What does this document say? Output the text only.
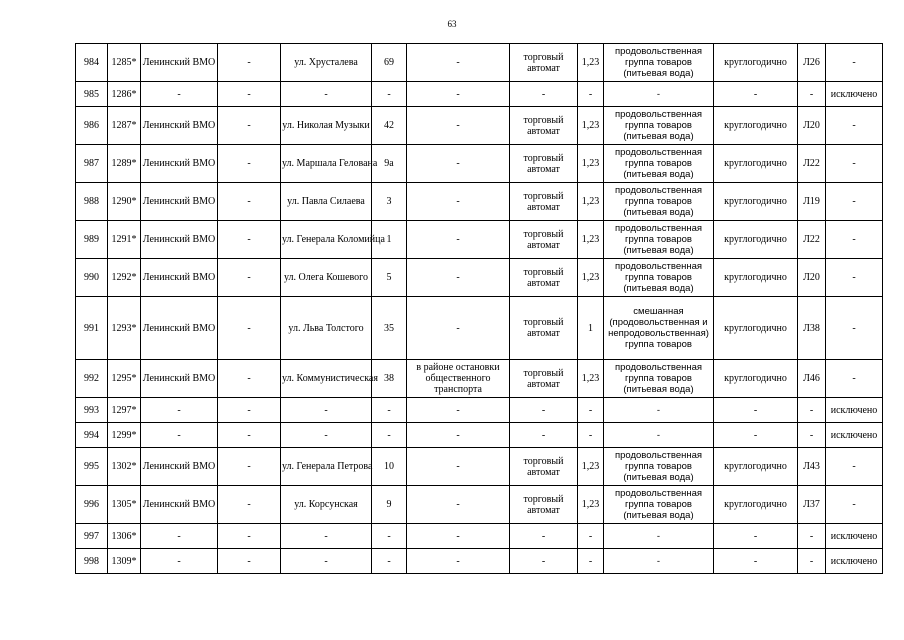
63
984	1285*	Ленинский ВМО	-	ул. Хрусталева	69	-	торговый автомат	1,23	продовольственная группа товаров (питьевая вода)	круглогодично	Л26	-
985	1286*	-	-	-	-	-	-	-	-	-	-	исключено
986	1287*	Ленинский ВМО	-	ул. Николая Музыки	42	-	торговый автомат	1,23	продовольственная группа товаров (питьевая вода)	круглогодично	Л20	-
987	1289*	Ленинский ВМО	-	ул. Маршала Гелована	9а	-	торговый автомат	1,23	продовольственная группа товаров (питьевая вода)	круглогодично	Л22	-
988	1290*	Ленинский ВМО	-	ул. Павла Силаева	3	-	торговый автомат	1,23	продовольственная группа товаров (питьевая вода)	круглогодично	Л19	-
989	1291*	Ленинский ВМО	-	ул. Генерала Коломийца	1	-	торговый автомат	1,23	продовольственная группа товаров (питьевая вода)	круглогодично	Л22	-
990	1292*	Ленинский ВМО	-	ул. Олега Кошевого	5	-	торговый автомат	1,23	продовольственная группа товаров (питьевая вода)	круглогодично	Л20	-
991	1293*	Ленинский ВМО	-	ул. Льва Толстого	35	-	торговый автомат	1	смешанная (продовольственная и непродовольственная) группа товаров	круглогодично	Л38	-
992	1295*	Ленинский ВМО	-	ул. Коммунистическая	38	в районе остановки общественного транспорта	торговый автомат	1,23	продовольственная группа товаров (питьевая вода)	круглогодично	Л46	-
993	1297*	-	-	-	-	-	-	-	-	-	-	исключено
994	1299*	-	-	-	-	-	-	-	-	-	-	исключено
995	1302*	Ленинский ВМО	-	ул. Генерала Петрова	10	-	торговый автомат	1,23	продовольственная группа товаров (питьевая вода)	круглогодично	Л43	-
996	1305*	Ленинский ВМО	-	ул. Корсунская	9	-	торговый автомат	1,23	продовольственная группа товаров (питьевая вода)	круглогодично	Л37	-
997	1306*	-	-	-	-	-	-	-	-	-	-	исключено
998	1309*	-	-	-	-	-	-	-	-	-	-	исключено
